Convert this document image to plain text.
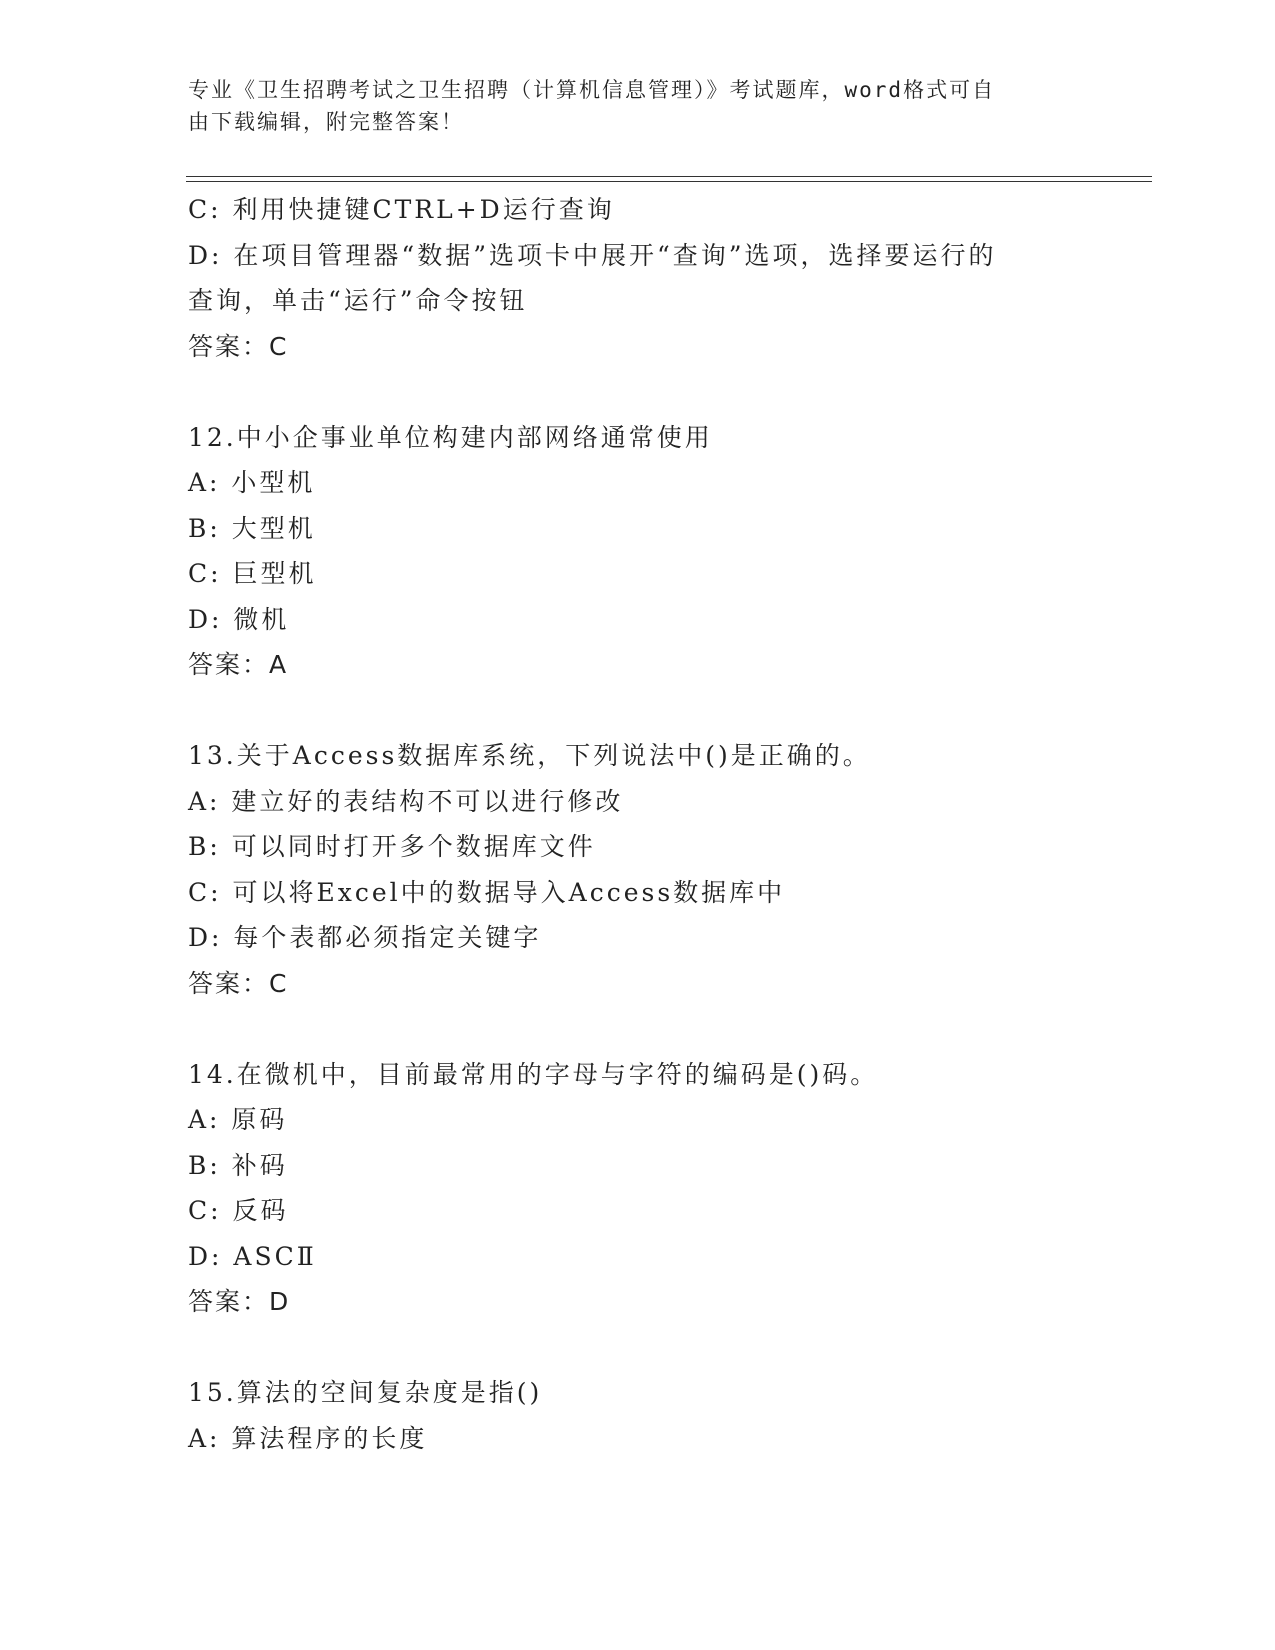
专业《卫生招聘考试之卫生招聘（计算机信息管理）》考试题库，word格式可自
由下载编辑，附完整答案！
C: 利用快捷键CTRL+D运行查询
D: 在项目管理器“数据”选项卡中展开“查询”选项，选择要运行的
查询，单击“运行”命令按钮
答案：C
12.中小企事业单位构建内部网络通常使用
A: 小型机
B: 大型机
C: 巨型机
D: 微机
答案：A
13.关于Access数据库系统，下列说法中()是正确的。
A: 建立好的表结构不可以进行修改
B: 可以同时打开多个数据库文件
C: 可以将Excel中的数据导入Access数据库中
D: 每个表都必须指定关键字
答案：C
14.在微机中，目前最常用的字母与字符的编码是()码。
A: 原码
B: 补码
C: 反码
D: ASCⅡ
答案：D
15.算法的空间复杂度是指()
A: 算法程序的长度
